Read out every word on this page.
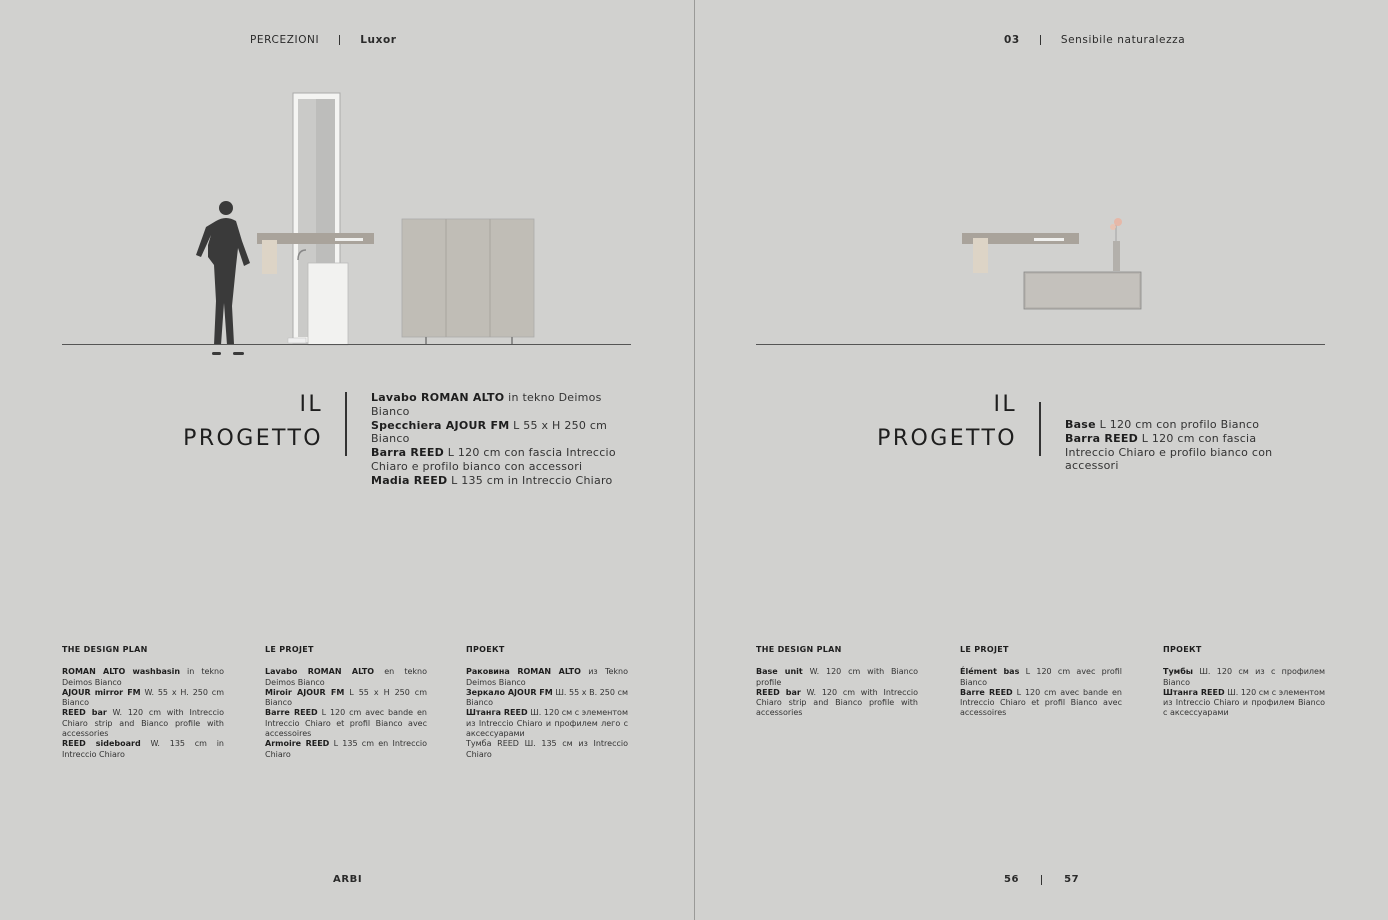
PERCEZIONI	Luxor
IL
PROGETTO
Lavabo ROMAN ALTO in tekno Deimos Bianco
Specchiera AJOUR FM L 55 x H 250 cm Bianco
Barra REED L 120 cm con fascia Intreccio Chiaro e profilo bianco con accessori
Madia REED L 135 cm in Intreccio Chiaro
THE DESIGN PLAN

ROMAN ALTO washbasin in tekno Deimos Bianco

AJOUR mirror FM W. 55 x H. 250 cm Bianco

REED bar W. 120 cm with Intreccio Chiaro strip and Bianco profile with accessories

REED sideboard W. 135 cm in Intreccio Chiaro

LE PROJET

Lavabo ROMAN ALTO en tekno Deimos Bianco

Miroir AJOUR FM L 55 x H 250 cm Bianco

Barre REED L 120 cm avec bande en Intreccio Chiaro et profil Bianco avec accessoires

Armoire REED L 135 cm en Intreccio Chiaro

ПРОЕКТ

Раковина ROMAN ALTO из Tekno Deimos Bianco

Зеркало AJOUR FM Ш. 55 x В. 250 см Bianco

Штанга REED Ш. 120 см с элементом из Intreccio Chiaro и профилем лего с аксессуарами

Тумба REED Ш. 135 см из Intreccio Chiaro

ARBI
03	Sensibile naturalezza
IL
PROGETTO
Base L 120 cm con profilo Bianco
Barra REED L 120 cm con fascia Intreccio Chiaro e profilo bianco con accessori
THE DESIGN PLAN

Base unit W. 120 cm with Bianco profile

REED bar W. 120 cm with Intreccio Chiaro strip and Bianco profile with accessories

LE PROJET

Élément bas L 120 cm avec profil Bianco

Barre REED L 120 cm avec bande en Intreccio Chiaro et profil Bianco avec accessoires

ПРОЕКТ

Тумбы Ш. 120 см из с профилем Bianco

Штанга REED Ш. 120 см с элементом из Intreccio Chiaro и профилем Bianco с аксессуарами

56	57
